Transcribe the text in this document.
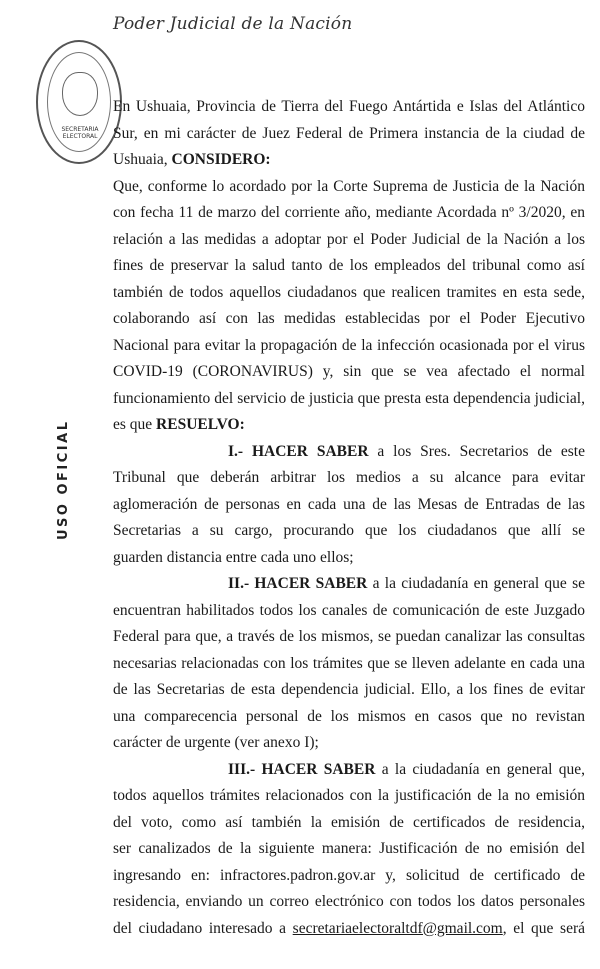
Poder Judicial de la Nación
SECRETARIA ELECTORAL
USO OFICIAL
En Ushuaia, Provincia de Tierra del Fuego Antártida e Islas del Atlántico
Sur, en mi carácter de Juez Federal de Primera instancia de la ciudad de
Ushuaia, CONSIDERO:
Que, conforme lo acordado por la Corte Suprema de Justicia de la Nación
con fecha 11 de marzo del corriente año, mediante Acordada nº 3/2020, en
relación a las medidas a adoptar por el Poder Judicial de la Nación a los
fines de preservar la salud tanto de los empleados del tribunal como así
también de todos aquellos ciudadanos que realicen tramites en esta sede,
colaborando así con las medidas establecidas por el Poder Ejecutivo
Nacional para evitar la propagación de la infección ocasionada por el virus
COVID-19 (CORONAVIRUS) y, sin que se vea afectado el normal
funcionamiento del servicio de justicia que presta esta dependencia judicial,
es que RESUELVO:
I.- HACER SABER a los Sres. Secretarios de este
Tribunal que deberán arbitrar los medios a su alcance para evitar
aglomeración de personas en cada una de las Mesas de Entradas de las
Secretarias a su cargo, procurando que los ciudadanos que allí se
guarden distancia entre cada uno ellos;
II.- HACER SABER a la ciudadanía en general que se
encuentran habilitados todos los canales de comunicación de este Juzgado
Federal para que, a través de los mismos, se puedan canalizar las consultas
necesarias relacionadas con los trámites que se lleven adelante en cada una
de las Secretarias de esta dependencia judicial. Ello, a los fines de evitar
una comparecencia personal de los mismos en casos que no revistan
carácter de urgente (ver anexo I);
III.- HACER SABER a la ciudadanía en general que,
todos aquellos trámites relacionados con la justificación de la no emisión
del voto, como así también la emisión de certificados de residencia,
ser canalizados de la siguiente manera: Justificación de no emisión del
ingresando en: infractores.padron.gov.ar y, solicitud de certificado de
residencia, enviando un correo electrónico con todos los datos personales
del ciudadano interesado a secretariaelectoraltdf@gmail.com, el que será
